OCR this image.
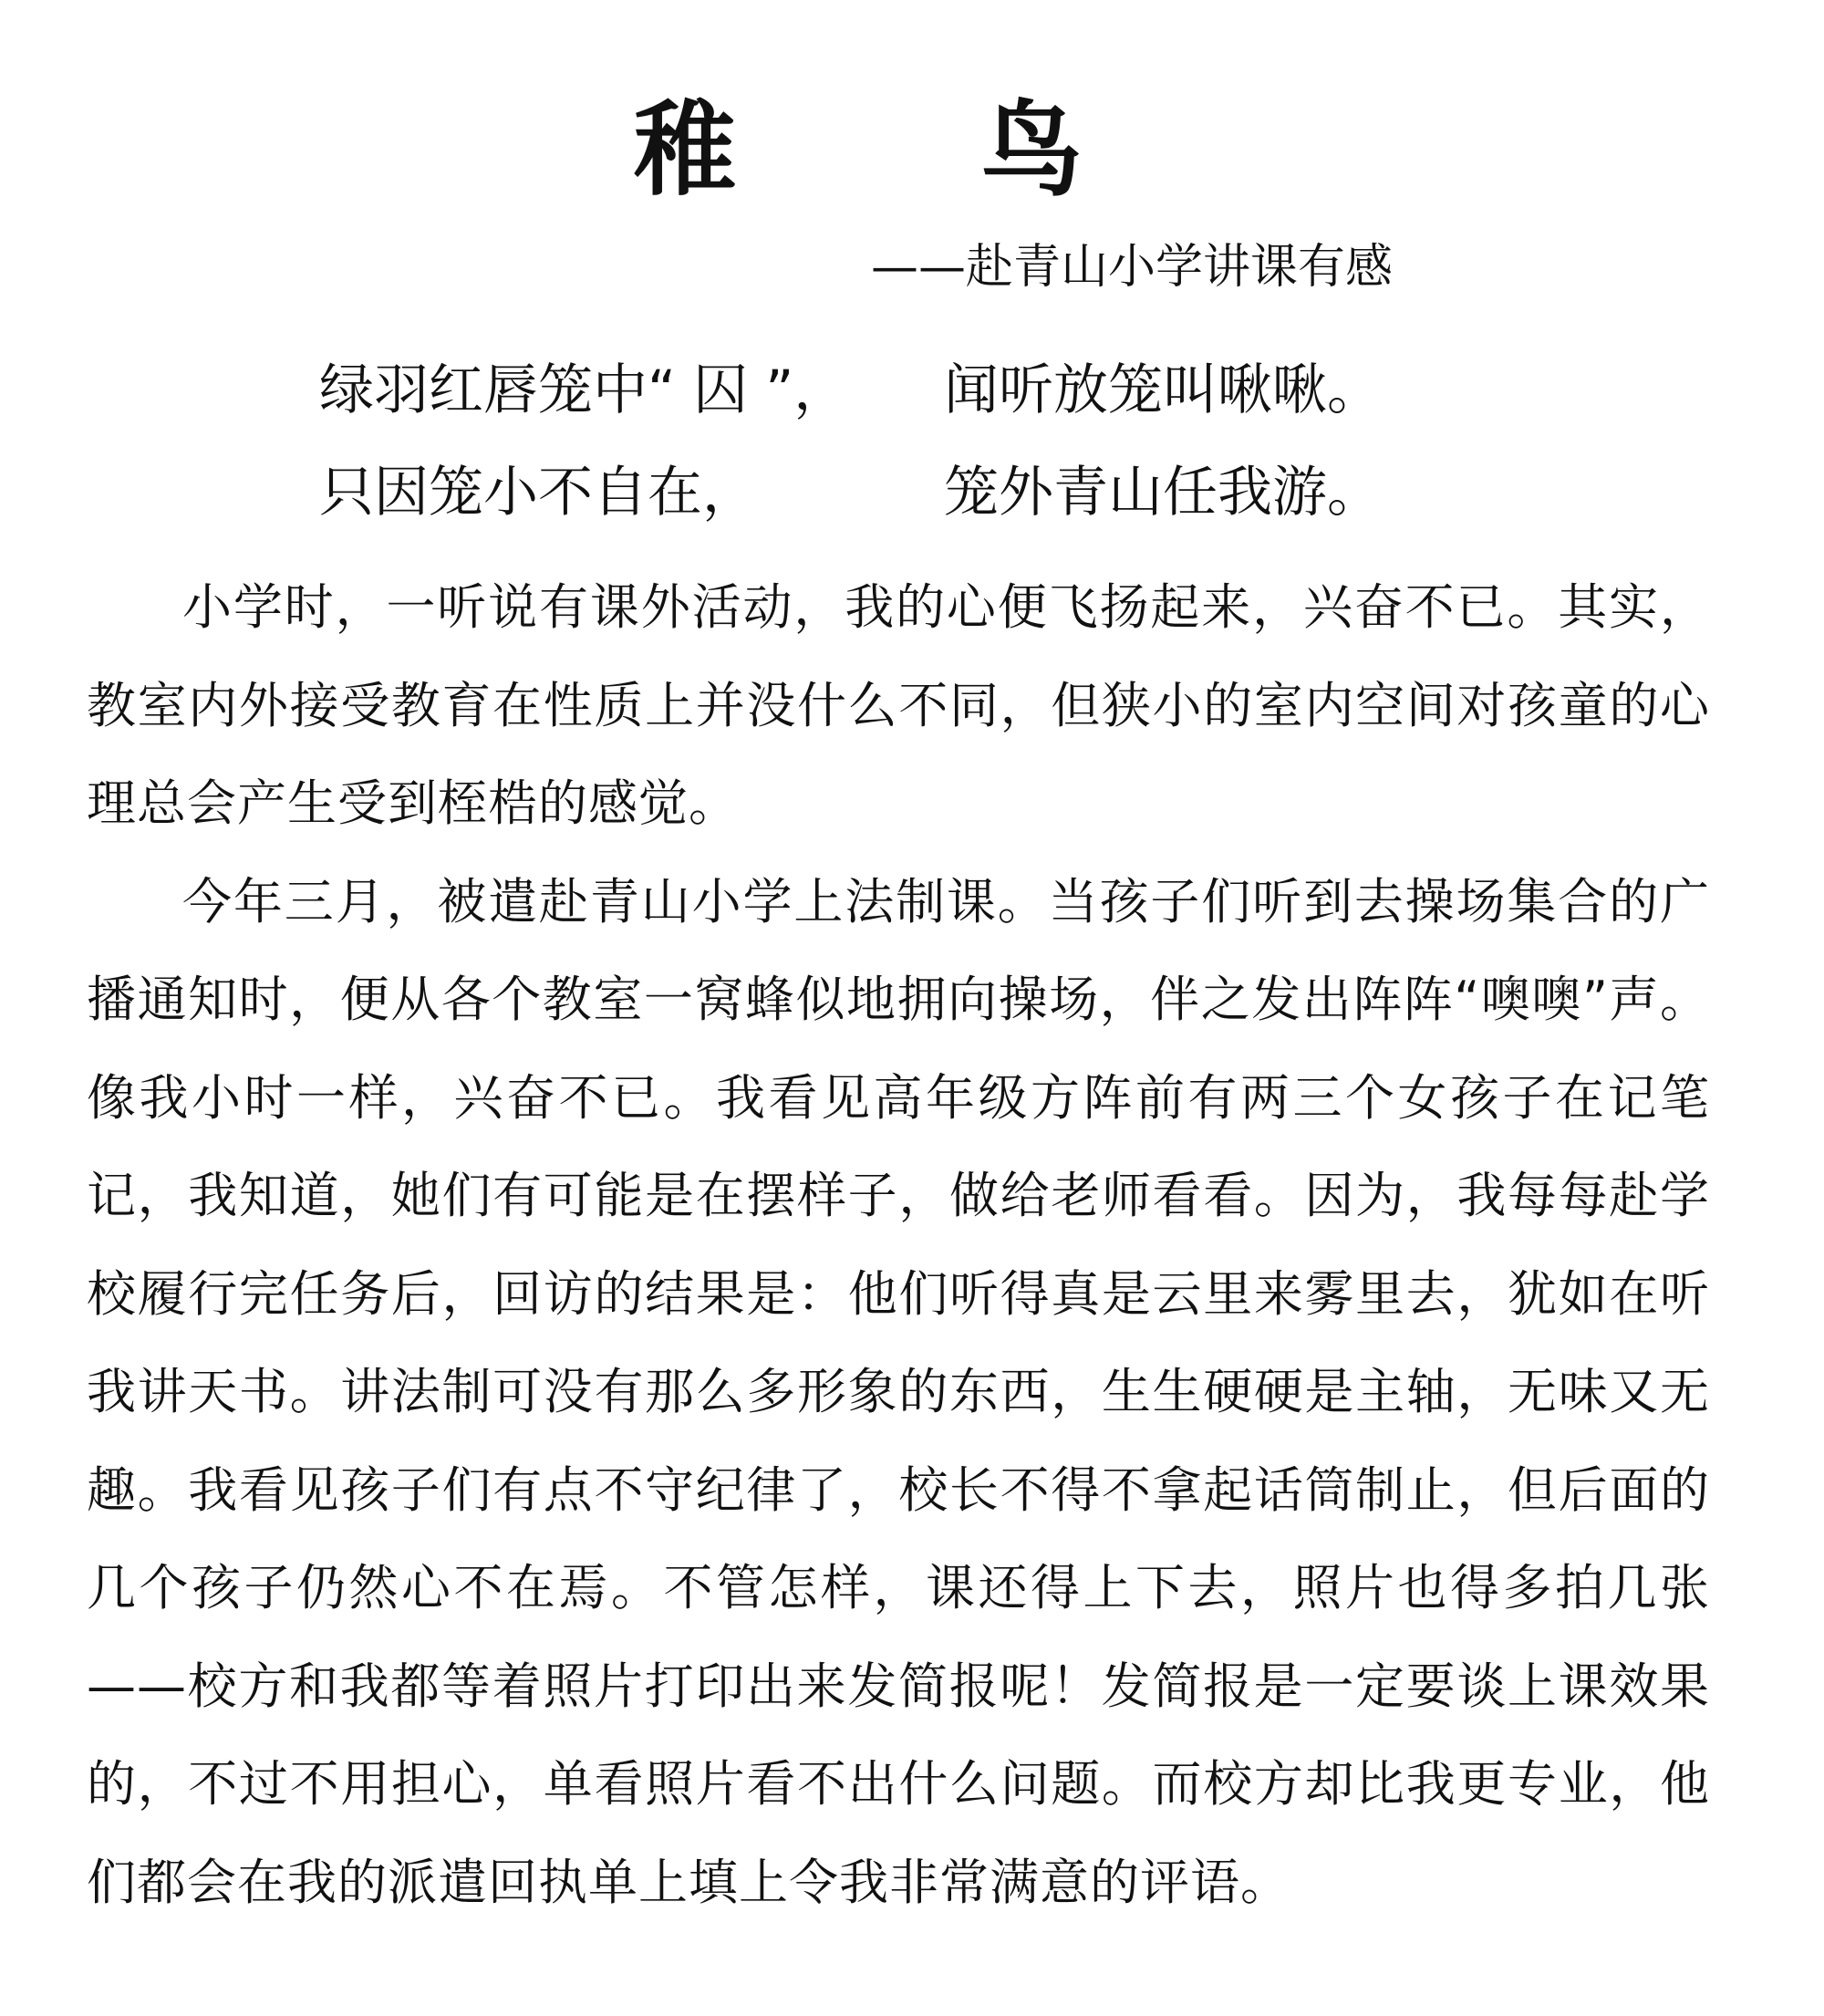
稚 鸟
——赴青山小学讲课有感
绿羽红唇笼中“ 囚 ”， 闻听放笼叫啾啾。
只因笼小不自在，	笼外青山任我游。

小学时，一听说有课外活动，我的心便飞扬起来，兴奋不已。其实，教室内外接受教育在性质上并没什么不同，但狭小的室内空间对孩童的心理总会产生受到桎梏的感觉。

今年三月，被遣赴青山小学上法制课。当孩子们听到去操场集合的广播通知时，便从各个教室一窝蜂似地拥向操场，伴之发出阵阵“噢噢”声。像我小时一样，兴奋不已。我看见高年级方阵前有两三个女孩子在记笔记，我知道，她们有可能是在摆样子，做给老师看看。因为，我每每赴学校履行完任务后，回访的结果是：他们听得真是云里来雾里去，犹如在听我讲天书。讲法制可没有那么多形象的东西，生生硬硬是主轴，无味又无趣。我看见孩子们有点不守纪律了，校长不得不拿起话筒制止，但后面的几个孩子仍然心不在焉。不管怎样，课还得上下去，照片也得多拍几张——校方和我都等着照片打印出来发简报呢！发简报是一定要谈上课效果的，不过不用担心，单看照片看不出什么问题。而校方却比我更专业，他们都会在我的派遣回执单上填上令我非常满意的评语。
